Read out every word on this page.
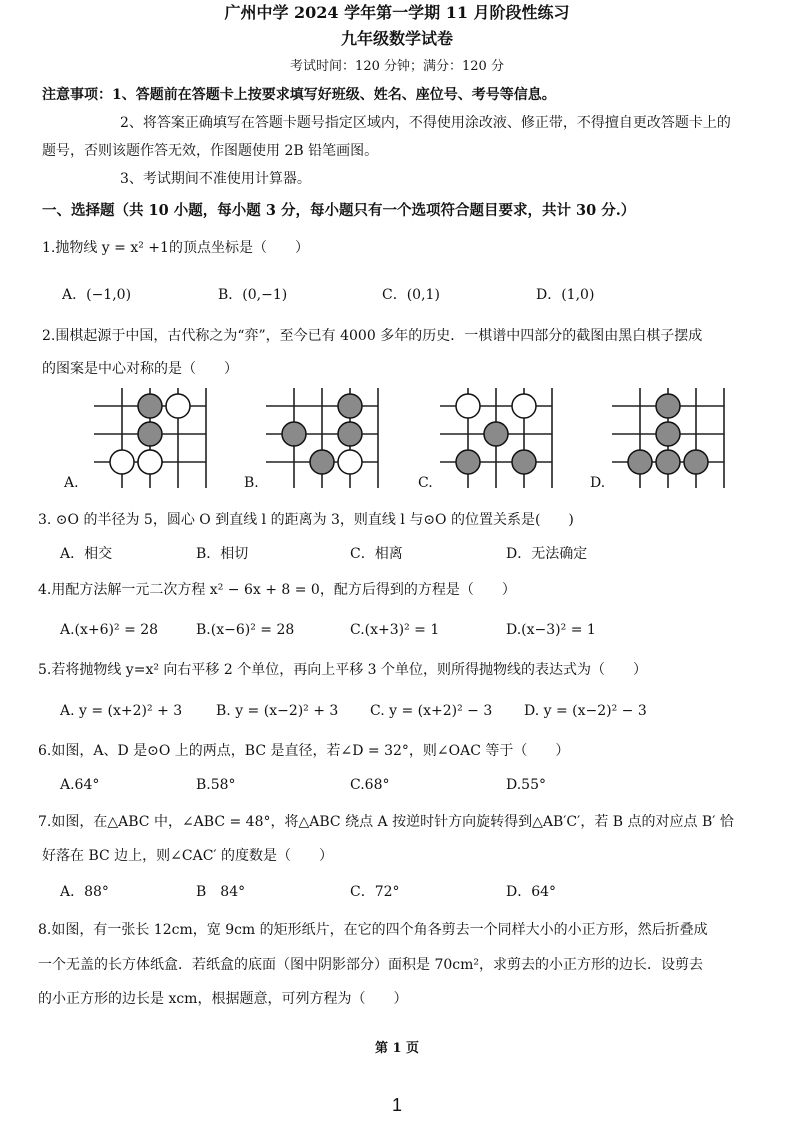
广州中学 2024 学年第一学期 11 月阶段性练习
九年级数学试卷
考试时间：120 分钟；满分：120 分
注意事项：1、答题前在答题卡上按要求填写好班级、姓名、座位号、考号等信息。
2、将答案正确填写在答题卡题号指定区域内，不得使用涂改液、修正带，不得擅自更改答题卡上的
题号，否则该题作答无效，作图题使用 2B 铅笔画图。
3、考试期间不准使用计算器。
一、选择题（共 10 小题，每小题 3 分，每小题只有一个选项符合题目要求，共计 30 分.）
1.抛物线 y = x² +1的顶点坐标是（　　）
A．(−1,0)	B．(0,−1)	C．(0,1)	D．(1,0)
2.围棋起源于中国，古代称之为“弈”，至今已有 4000 多年的历史．一棋谱中四部分的截图由黑白棋子摆成
的图案是中心对称的是（　　）
A.	B.	C.	D.
3. ⊙O 的半径为 5，圆心 O 到直线 l 的距离为 3，则直线 l 与⊙O 的位置关系是(　　)
A．相交	B．相切	C．相离	D．无法确定
4.用配方法解一元二次方程 x² − 6x + 8 = 0，配方后得到的方程是（　　）
A.(x+6)² = 28	B.(x−6)² = 28	C.(x+3)² = 1	D.(x−3)² = 1
5.若将抛物线 y=x² 向右平移 2 个单位，再向上平移 3 个单位，则所得抛物线的表达式为（　　）
A. y = (x+2)² + 3 B. y = (x−2)² + 3 C. y = (x+2)² − 3 D. y = (x−2)² − 3
6.如图，A、D 是⊙O 上的两点，BC 是直径，若∠D = 32°，则∠OAC 等于（　　）
A.64°	B.58°	C.68°	D.55°
7.如图，在△ABC 中，∠ABC = 48°，将△ABC 绕点 A 按逆时针方向旋转得到△AB′C′，若 B 点的对应点 B′ 恰
好落在 BC 边上，则∠CAC′ 的度数是（　　）
A．88°	B　84°	C．72°	D．64°
8.如图，有一张长 12cm，宽 9cm 的矩形纸片，在它的四个角各剪去一个同样大小的小正方形，然后折叠成
一个无盖的长方体纸盒．若纸盒的底面（图中阴影部分）面积是 70cm²，求剪去的小正方形的边长．设剪去
的小正方形的边长是 xcm，根据题意，可列方程为（　　）
第 1 页
1
